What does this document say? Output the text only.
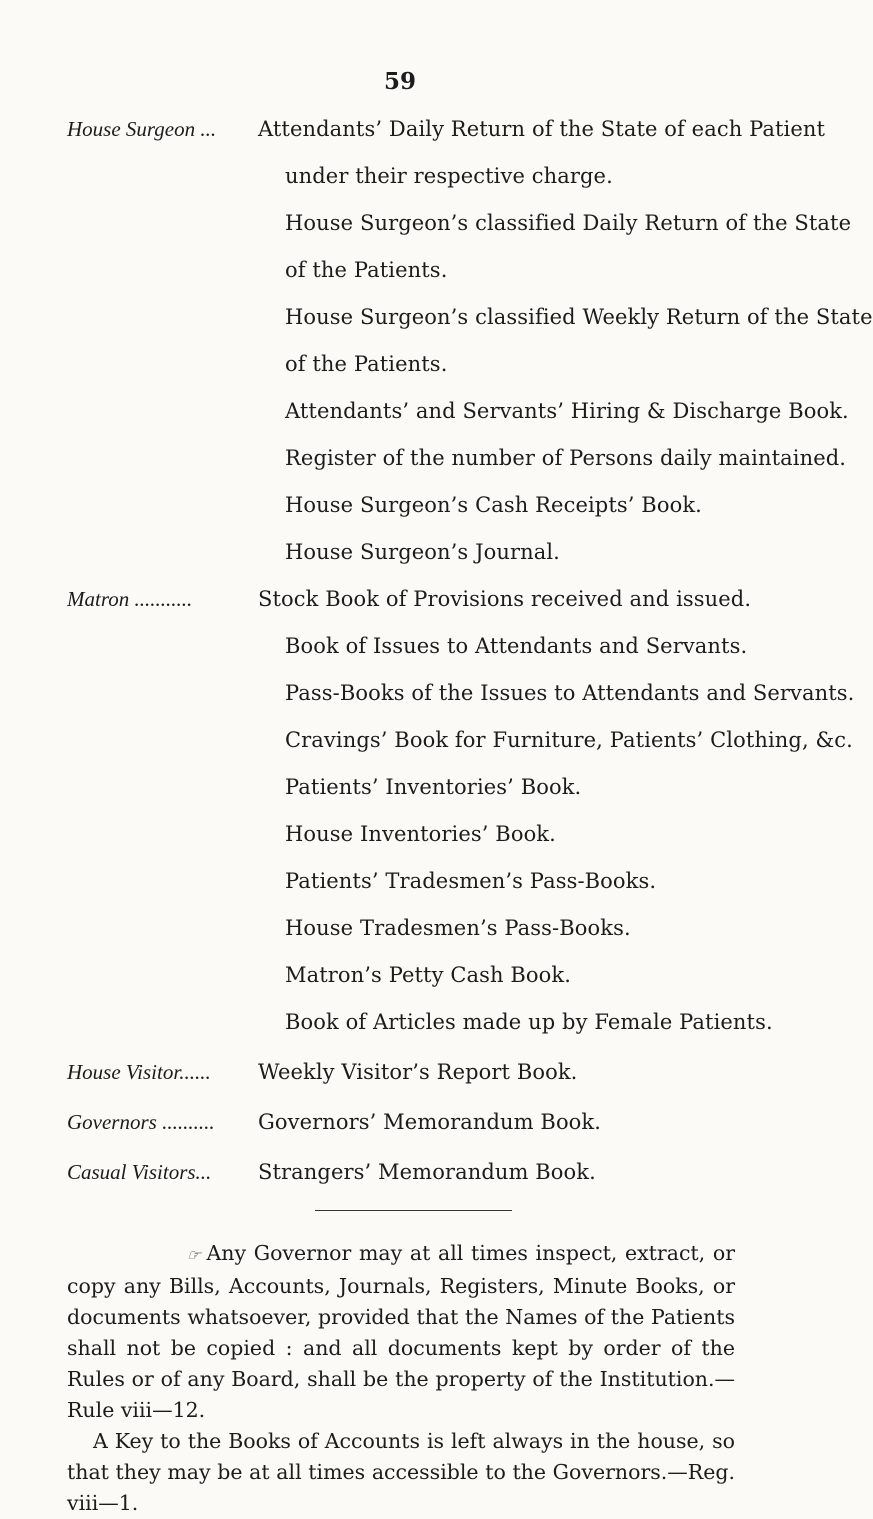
59
House Surgeon ... Attendants’ Daily Return of the State of each Patient
under their respective charge.
House Surgeon’s classified Daily Return of the State
of the Patients.
House Surgeon’s classified Weekly Return of the State
of the Patients.
Attendants’ and Servants’ Hiring & Discharge Book.
Register of the number of Persons daily maintained.
House Surgeon’s Cash Receipts’ Book.
House Surgeon’s Journal.
Matron ...........	Stock Book of Provisions received and issued.
Book of Issues to Attendants and Servants.
Pass-Books of the Issues to Attendants and Servants.
Cravings’ Book for Furniture, Patients’ Clothing, &c.
Patients’ Inventories’ Book.
House Inventories’ Book.
Patients’ Tradesmen’s Pass-Books.
House Tradesmen’s Pass-Books.
Matron’s Petty Cash Book.
Book of Articles made up by Female Patients.
House Visitor...... Weekly Visitor’s Report Book.
Governors .......... Governors’ Memorandum Book.
Casual Visitors... Strangers’ Memorandum Book.
☞ Any Governor may at all times inspect, extract, or copy any Bills, Accounts, Journals, Registers, Minute Books, or documents whatsoever, provided that the Names of the Patients shall not be copied : and all documents kept by order of the Rules or of any Board, shall be the property of the Institution.—Rule viii—12.
A Key to the Books of Accounts is left always in the house, so that they may be at all times accessible to the Governors.—Reg. viii—1.
